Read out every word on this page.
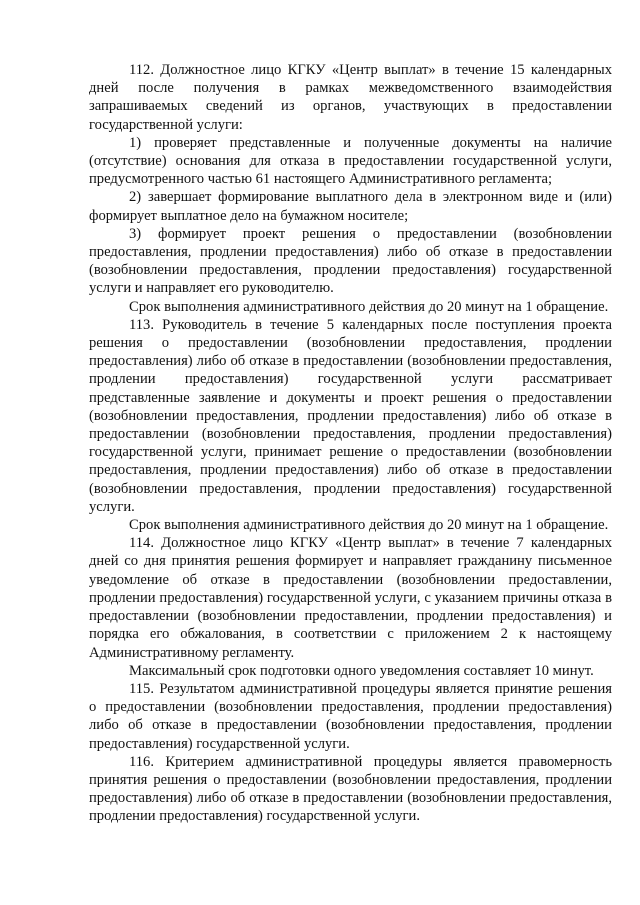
112. Должностное лицо КГКУ «Центр выплат» в течение 15 календарных дней после получения в рамках межведомственного взаимодействия запрашиваемых сведений из органов, участвующих в предоставлении государственной услуги:

1) проверяет представленные и полученные документы на наличие (отсутствие) основания для отказа в предоставлении государственной услуги, предусмотренного частью 61 настоящего Административного регламента;

2) завершает формирование выплатного дела в электронном виде и (или) формирует выплатное дело на бумажном носителе;

3) формирует проект решения о предоставлении (возобновлении предоставления, продлении предоставления) либо об отказе в предоставлении (возобновлении предоставления, продлении предоставления) государственной услуги и направляет его руководителю.

Срок выполнения административного действия до 20 минут на 1 обращение.

113. Руководитель в течение 5 календарных после поступления проекта решения о предоставлении (возобновлении предоставления, продлении предоставления) либо об отказе в предоставлении (возобновлении предоставления, продлении предоставления) государственной услуги рассматривает представленные заявление и документы и проект решения о предоставлении (возобновлении предоставления, продлении предоставления) либо об отказе в предоставлении (возобновлении предоставления, продлении предоставления) государственной услуги, принимает решение о предоставлении (возобновлении предоставления, продлении предоставления) либо об отказе в предоставлении (возобновлении предоставления, продлении предоставления) государственной услуги.

Срок выполнения административного действия до 20 минут на 1 обращение.

114. Должностное лицо КГКУ «Центр выплат» в течение 7 календарных дней со дня принятия решения формирует и направляет гражданину письменное уведомление об отказе в предоставлении (возобновлении предоставлении, продлении предоставления) государственной услуги, с указанием причины отказа в предоставлении (возобновлении предоставлении, продлении предоставления) и порядка его обжалования, в соответствии с приложением 2 к настоящему Административному регламенту.

Максимальный срок подготовки одного уведомления составляет 10 минут.

115. Результатом административной процедуры является принятие решения о предоставлении (возобновлении предоставления, продлении предоставления) либо об отказе в предоставлении (возобновлении предоставления, продлении предоставления) государственной услуги.

116. Критерием административной процедуры является правомерность принятия решения о предоставлении (возобновлении предоставления, продлении предоставления) либо об отказе в предоставлении (возобновлении предоставления, продлении предоставления) государственной услуги.
